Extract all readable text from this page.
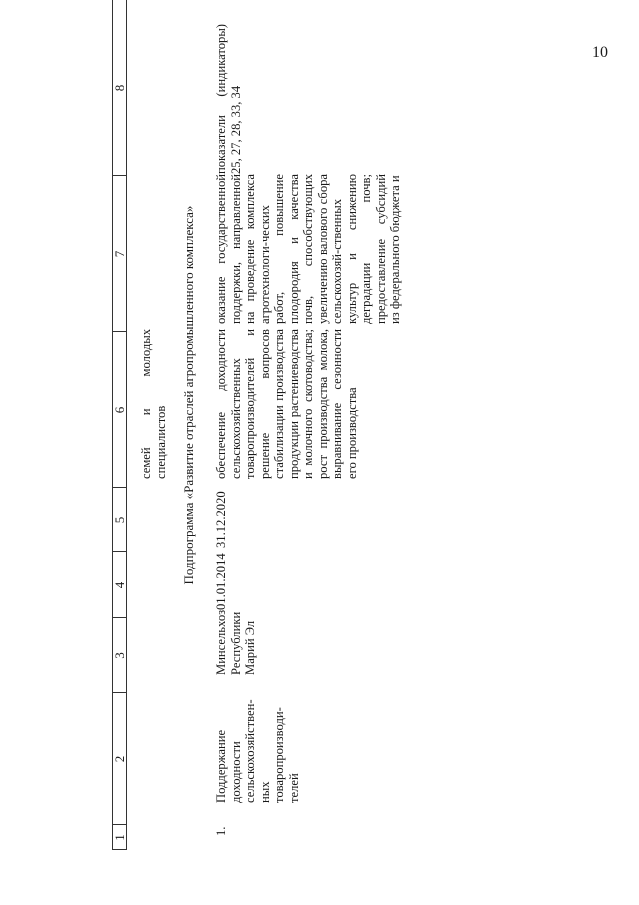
10
1
2
3
4
5
6
7
8
семей и молодых специалистов Подпрограмма «Развитие отраслей агропромышленного комплекса»
1.
Поддержание доходности сельскохозяйствен-ных товаропроизводи-телей
Минсельхоз Республики Марий Эл
01.01.2014
31.12.2020
обеспечение доходности сельскохозяйственных товаропроизводителей и решение вопросов стабилизации производства продукции растениеводства и молочного скотоводства; рост производства молока, выравнивание сезонности его производства
оказание государственной поддержки, направленной на проведение комплекса агротехнологи-ческих работ, повышение плодородия и качества почв, способствующих увеличению валового сбора сельскохозяй-ственных культур и снижению деградации почв; предоставление субсидий из федерального бюджета и
показатели (индикаторы) 25, 27, 28, 33, 34
